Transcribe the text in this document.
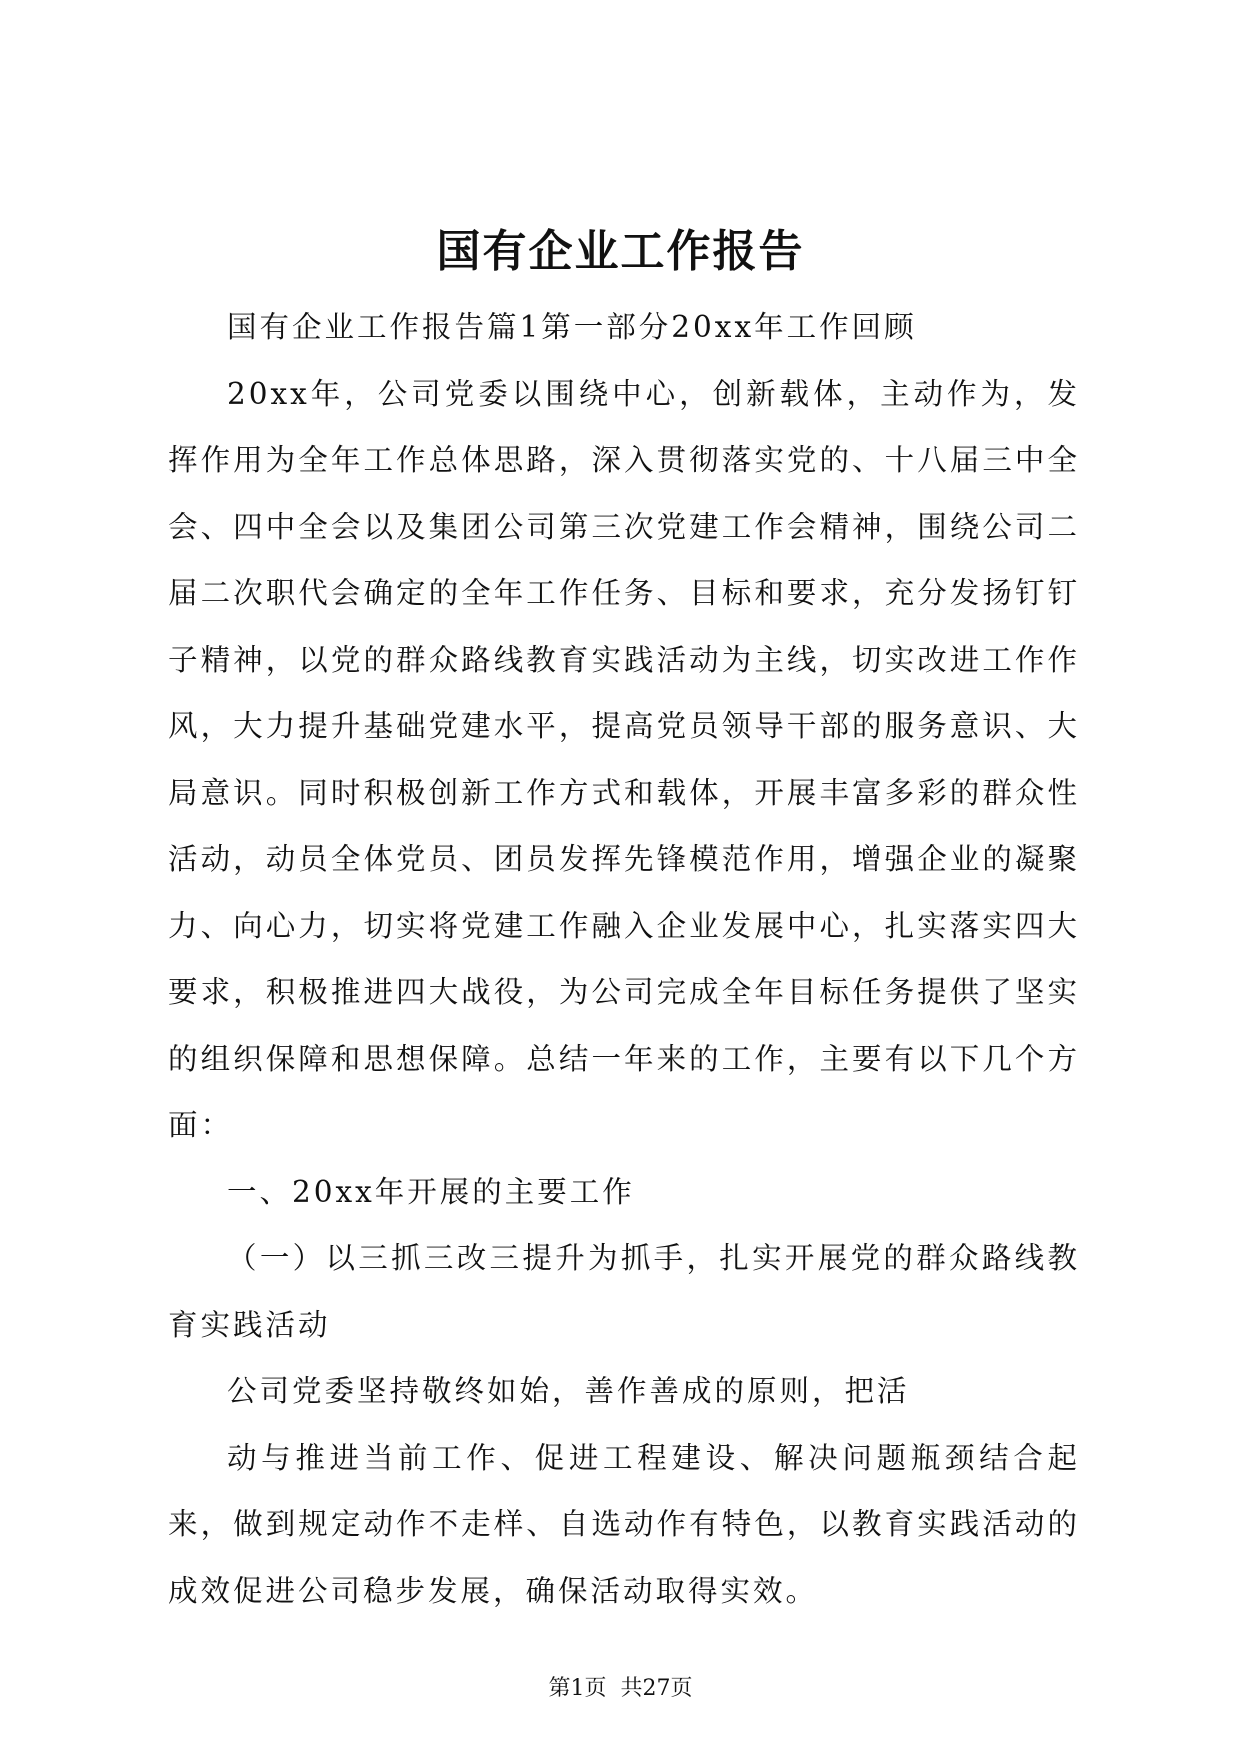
国有企业工作报告

国有企业工作报告篇1第一部分20xx年工作回顾

20xx年，公司党委以围绕中心，创新载体，主动作为，发挥作用为全年工作总体思路，深入贯彻落实党的、十八届三中全会、四中全会以及集团公司第三次党建工作会精神，围绕公司二届二次职代会确定的全年工作任务、目标和要求，充分发扬钉钉子精神，以党的群众路线教育实践活动为主线，切实改进工作作风，大力提升基础党建水平，提高党员领导干部的服务意识、大局意识。同时积极创新工作方式和载体，开展丰富多彩的群众性活动，动员全体党员、团员发挥先锋模范作用，增强企业的凝聚力、向心力，切实将党建工作融入企业发展中心，扎实落实四大要求，积极推进四大战役，为公司完成全年目标任务提供了坚实的组织保障和思想保障。总结一年来的工作，主要有以下几个方面：

一、20xx年开展的主要工作

（一）以三抓三改三提升为抓手，扎实开展党的群众路线教育实践活动

公司党委坚持敬终如始，善作善成的原则，把活

动与推进当前工作、促进工程建设、解决问题瓶颈结合起来，做到规定动作不走样、自选动作有特色，以教育实践活动的成效促进公司稳步发展，确保活动取得实效。

第1页 共27页
